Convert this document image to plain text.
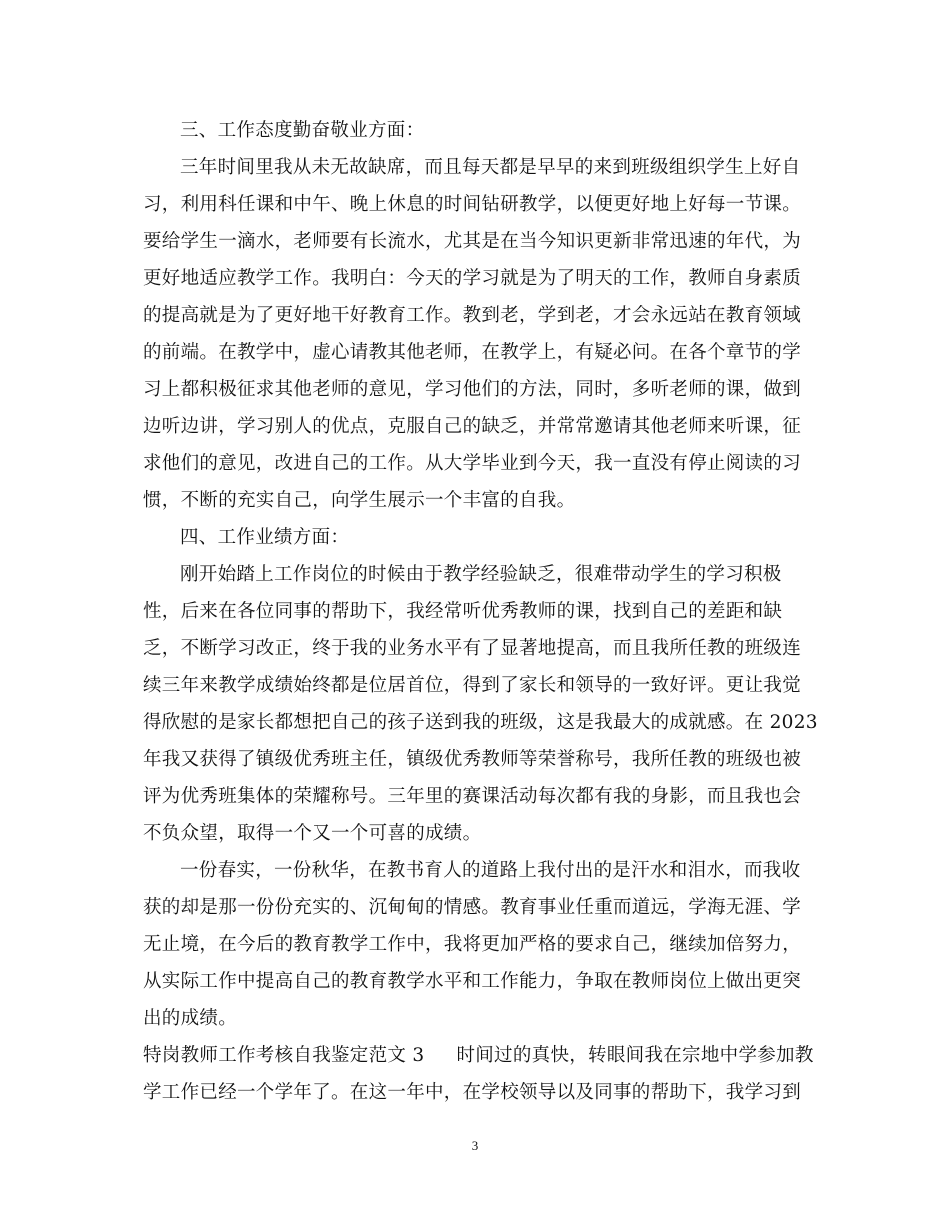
三、工作态度勤奋敬业方面：
三年时间里我从未无故缺席，而且每天都是早早的来到班级组织学生上好自
习，利用科任课和中午、晚上休息的时间钻研教学，以便更好地上好每一节课。
要给学生一滴水，老师要有长流水，尤其是在当今知识更新非常迅速的年代，为
更好地适应教学工作。我明白：今天的学习就是为了明天的工作，教师自身素质
的提高就是为了更好地干好教育工作。教到老，学到老，才会永远站在教育领域
的前端。在教学中，虚心请教其他老师，在教学上，有疑必问。在各个章节的学
习上都积极征求其他老师的意见，学习他们的方法，同时，多听老师的课，做到
边听边讲，学习别人的优点，克服自己的缺乏，并常常邀请其他老师来听课，征
求他们的意见，改进自己的工作。从大学毕业到今天，我一直没有停止阅读的习
惯，不断的充实自己，向学生展示一个丰富的自我。
四、工作业绩方面：
刚开始踏上工作岗位的时候由于教学经验缺乏，很难带动学生的学习积极
性，后来在各位同事的帮助下，我经常听优秀教师的课，找到自己的差距和缺
乏，不断学习改正，终于我的业务水平有了显著地提高，而且我所任教的班级连
续三年来教学成绩始终都是位居首位，得到了家长和领导的一致好评。更让我觉
得欣慰的是家长都想把自己的孩子送到我的班级，这是我最大的成就感。在 2023
年我又获得了镇级优秀班主任，镇级优秀教师等荣誉称号，我所任教的班级也被
评为优秀班集体的荣耀称号。三年里的赛课活动每次都有我的身影，而且我也会
不负众望，取得一个又一个可喜的成绩。
一份春实，一份秋华，在教书育人的道路上我付出的是汗水和泪水，而我收
获的却是那一份份充实的、沉甸甸的情感。教育事业任重而道远，学海无涯、学
无止境，在今后的教育教学工作中，我将更加严格的要求自己，继续加倍努力，
从实际工作中提高自己的教育教学水平和工作能力，争取在教师岗位上做出更突
出的成绩。
特岗教师工作考核自我鉴定范文 3 时间过的真快，转眼间我在宗地中学参加教
学工作已经一个学年了。在这一年中，在学校领导以及同事的帮助下，我学习到
3
